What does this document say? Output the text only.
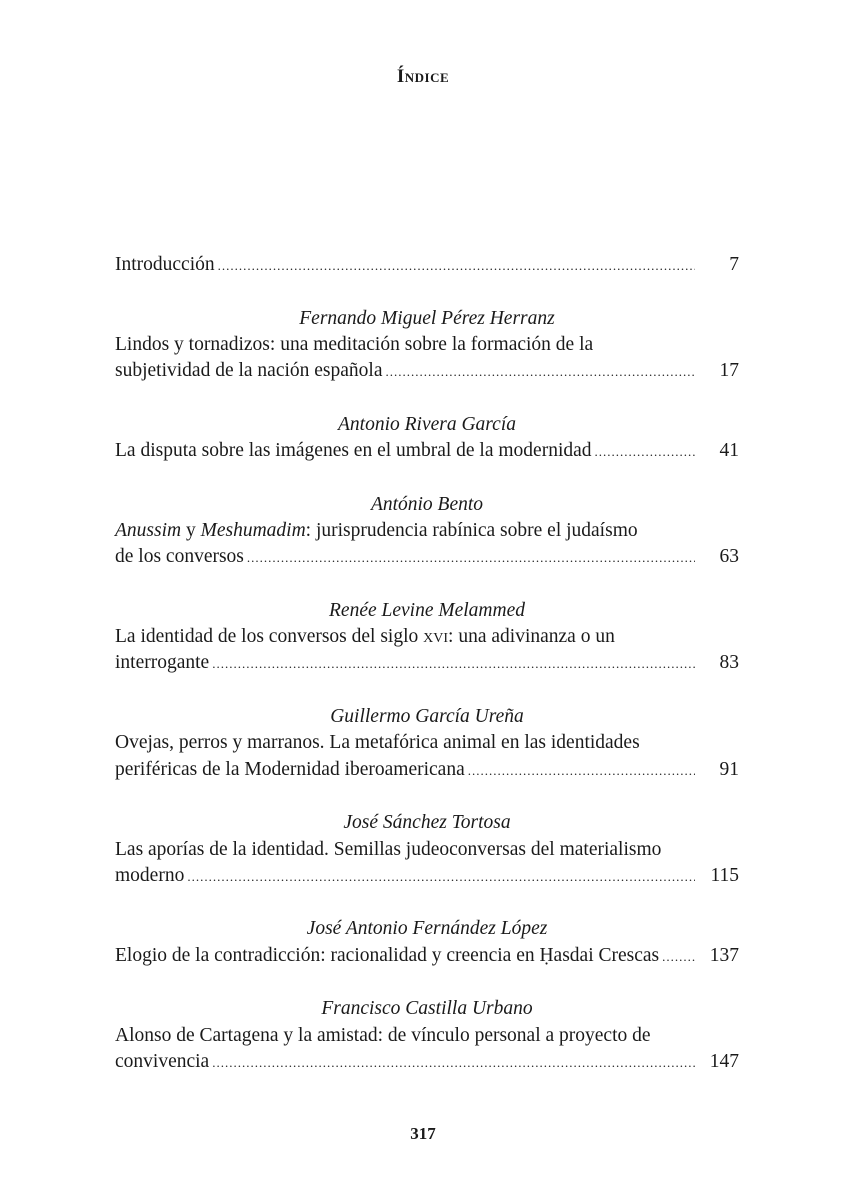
Índice
Introducción .....	7
Fernando Miguel Pérez Herranz
Lindos y tornadizos: una meditación sobre la formación de la
subjetividad de la nación española .....	17
Antonio Rivera García
La disputa sobre las imágenes en el umbral de la modernidad .....	41
António Bento
Anussim y Meshumadim: jurisprudencia rabínica sobre el judaísmo
de los conversos .....	63
Renée Levine Melammed
La identidad de los conversos del siglo xvi: una adivinanza o un
interrogante .....	83
Guillermo García Ureña
Ovejas, perros y marranos. La metafórica animal en las identidades
periféricas de la Modernidad iberoamericana .....	91
José Sánchez Tortosa
Las aporías de la identidad. Semillas judeoconversas del materialismo
moderno .....	115
José Antonio Fernández López
Elogio de la contradicción: racionalidad y creencia en Ḥasdai Crescas .....	137
Francisco Castilla Urbano
Alonso de Cartagena y la amistad: de vínculo personal a proyecto de
convivencia .....	147
317
